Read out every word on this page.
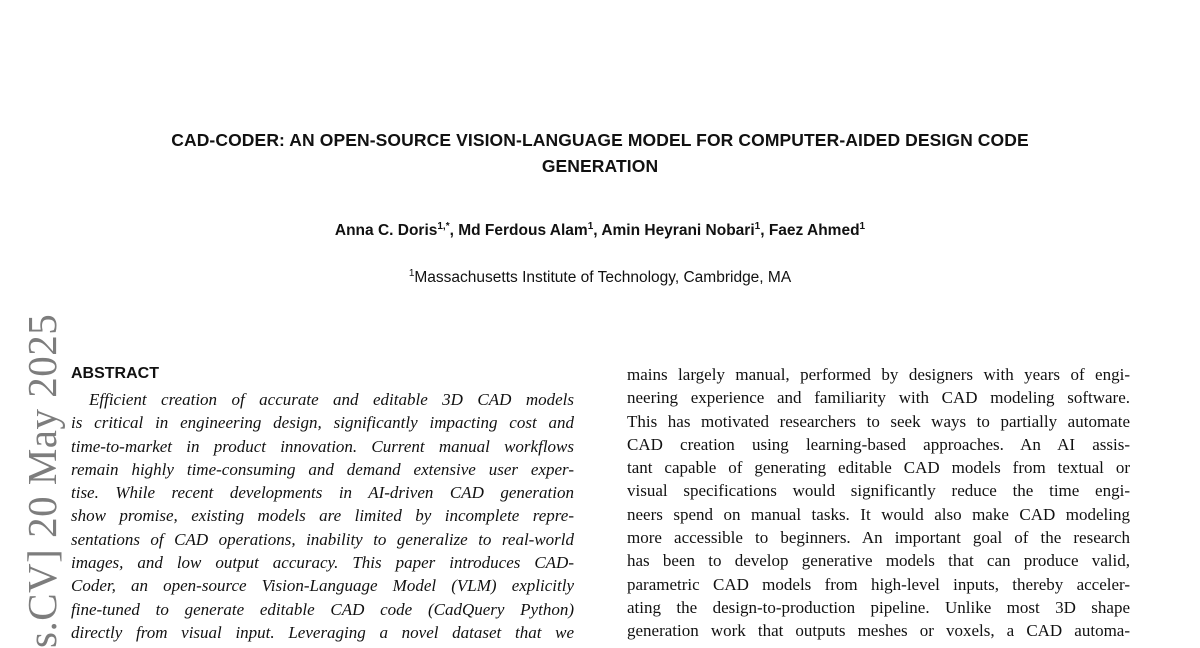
s.CV] 20 May 2025
CAD-CODER: AN OPEN-SOURCE VISION-LANGUAGE MODEL FOR COMPUTER-AIDED DESIGN CODE
GENERATION
Anna C. Doris$^{1,*}$, Md Ferdous Alam$^1$, Amin Heyrani Nobari$^1$, Faez Ahmed$^1$
$^1$Massachusetts Institute of Technology, Cambridge, MA
ABSTRACT
Efficient creation of accurate and editable 3D CAD models
is critical in engineering design, significantly impacting cost and
time-to-market in product innovation. Current manual workflows
remain highly time-consuming and demand extensive user exper-
tise. While recent developments in AI-driven CAD generation
show promise, existing models are limited by incomplete repre-
sentations of CAD operations, inability to generalize to real-world
images, and low output accuracy. This paper introduces CAD-
Coder, an open-source Vision-Language Model (VLM) explicitly
fine-tuned to generate editable CAD code (CadQuery Python)
directly from visual input. Leveraging a novel dataset that we
mains largely manual, performed by designers with years of engi-
neering experience and familiarity with CAD modeling software.
This has motivated researchers to seek ways to partially automate
CAD creation using learning-based approaches. An AI assis-
tant capable of generating editable CAD models from textual or
visual specifications would significantly reduce the time engi-
neers spend on manual tasks. It would also make CAD modeling
more accessible to beginners. An important goal of the research
has been to develop generative models that can produce valid,
parametric CAD models from high-level inputs, thereby acceler-
ating the design-to-production pipeline. Unlike most 3D shape
generation work that outputs meshes or voxels, a CAD automa-
